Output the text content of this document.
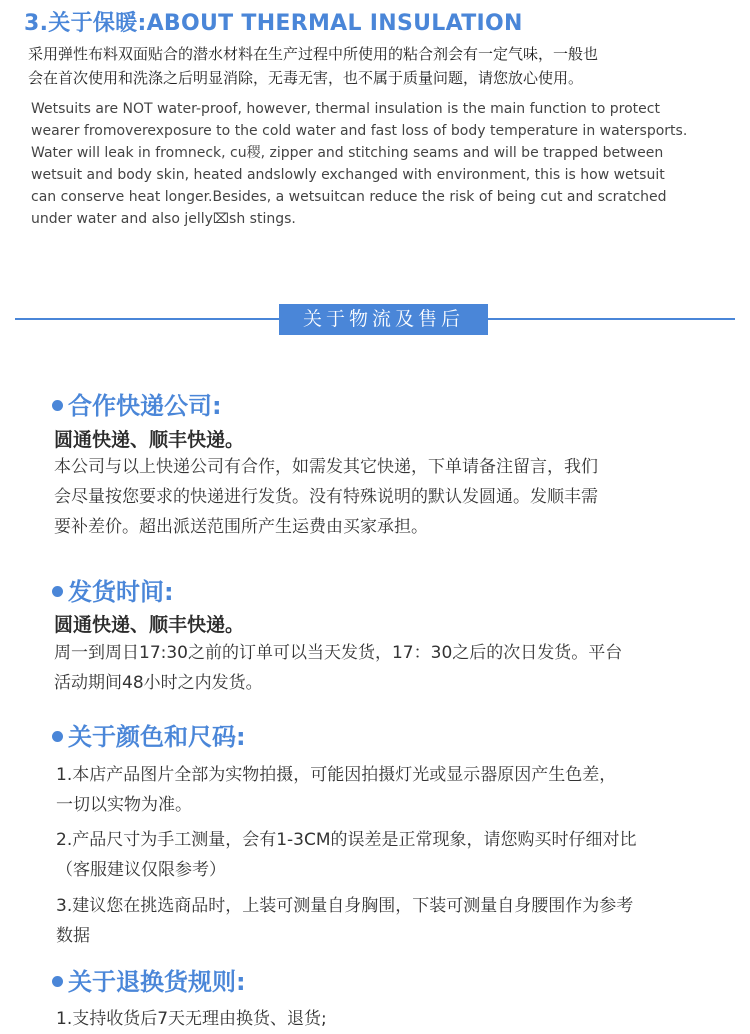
3.关于保暖:ABOUT THERMAL INSULATION
采用弹性布料双面贴合的潜水材料在生产过程中所使用的粘合剂会有一定气味，一般也
会在首次使用和洗涤之后明显消除，无毒无害，也不属于质量问题，请您放心使用。
Wetsuits are NOT water-proof, however, thermal insulation is the main function to protect
wearer fromoverexposure to the cold water and fast loss of body temperature in watersports.
Water will leak in fromneck, cu稷, zipper and stitching seams and will be trapped between
wetsuit and body skin, heated andslowly exchanged with environment, this is how wetsuit
can conserve heat longer.Besides, a wetsuitcan reduce the risk of being cut and scratched
under water and also jelly⌧sh stings.
关于物流及售后
合作快递公司:
圆通快递、顺丰快递。
本公司与以上快递公司有合作，如需发其它快递，下单请备注留言，我们
会尽量按您要求的快递进行发货。没有特殊说明的默认发圆通。发顺丰需
要补差价。超出派送范围所产生运费由买家承担。
发货时间:
圆通快递、顺丰快递。
周一到周日17:30之前的订单可以当天发货，17：30之后的次日发货。平台
活动期间48小时之内发货。
关于颜色和尺码:
1.本店产品图片全部为实物拍摄，可能因拍摄灯光或显示器原因产生色差，
一切以实物为准。
2.产品尺寸为手工测量，会有1-3CM的误差是正常现象，请您购买时仔细对比
（客服建议仅限参考）
3.建议您在挑选商品时，上装可测量自身胸围，下装可测量自身腰围作为参考
数据
关于退换货规则:
1.支持收货后7天无理由换货、退货;
